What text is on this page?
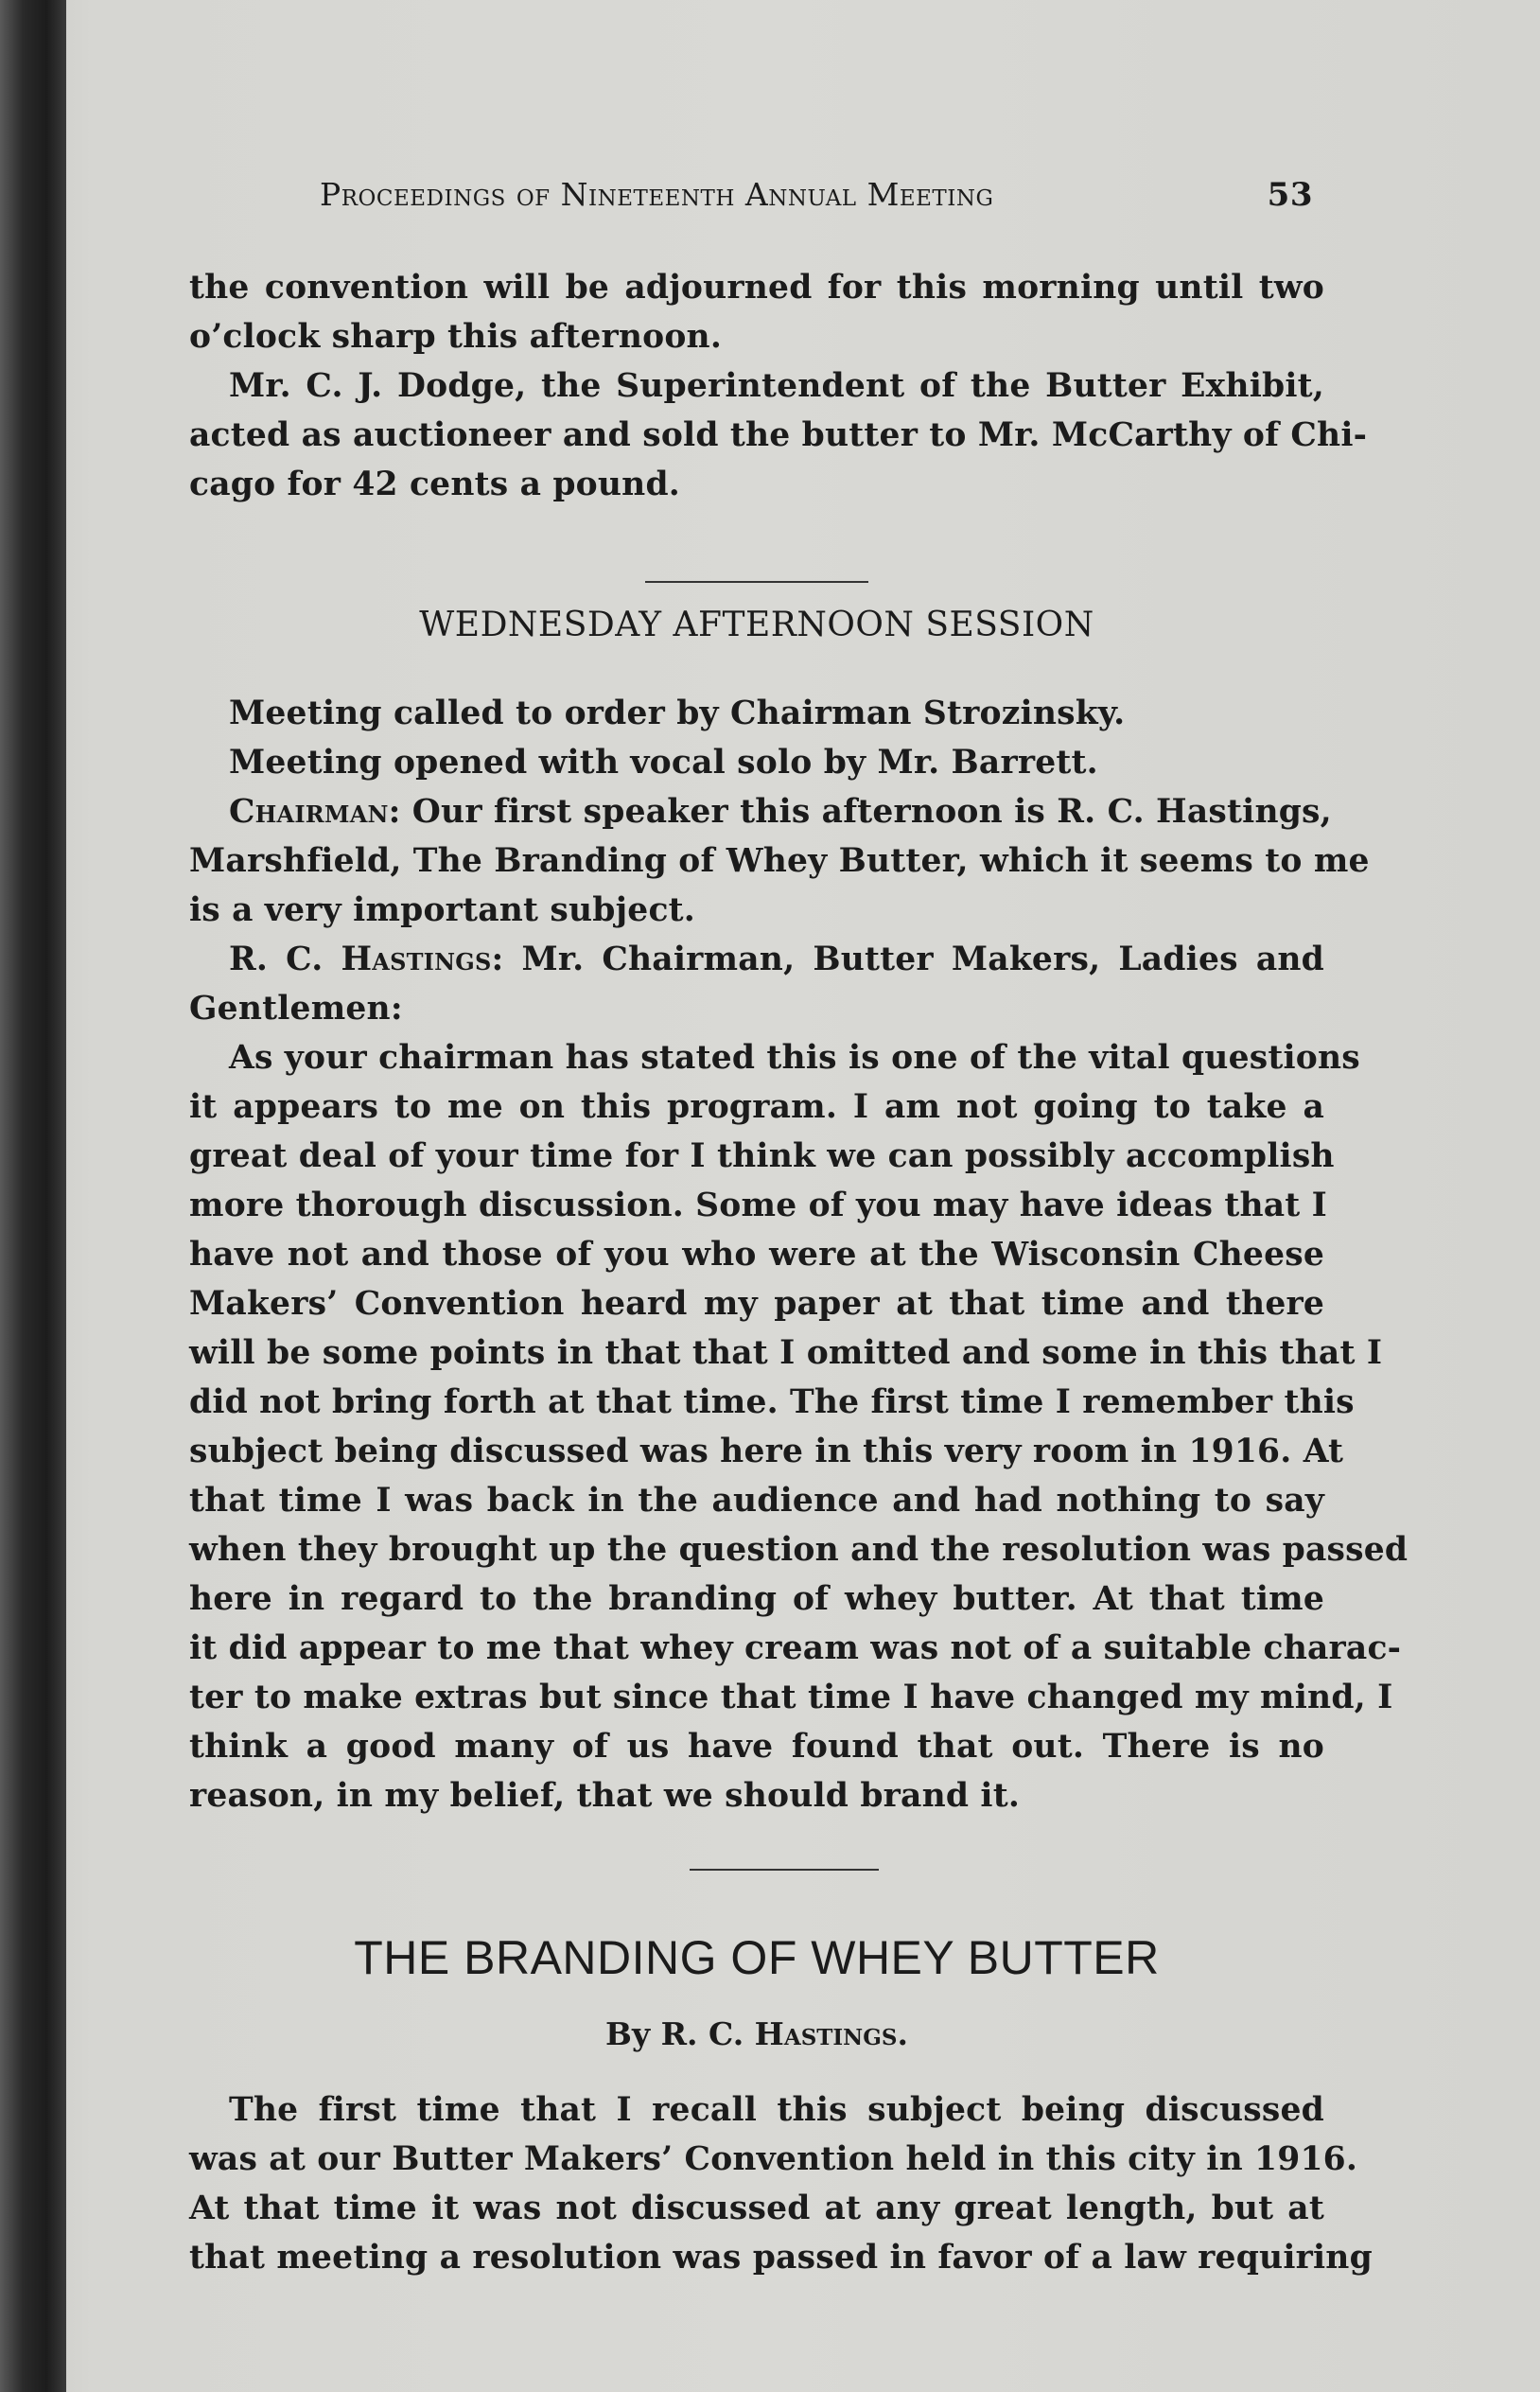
Proceedings of Nineteenth Annual Meeting	53
the convention will be adjourned for this morning until two
o’clock sharp this afternoon.
Mr. C. J. Dodge, the Superintendent of the Butter Exhibit,
acted as auctioneer and sold the butter to Mr. McCarthy of Chi-
cago for 42 cents a pound.
WEDNESDAY AFTERNOON SESSION
Meeting called to order by Chairman Strozinsky.
Meeting opened with vocal solo by Mr. Barrett.
Chairman: Our first speaker this afternoon is R. C. Hastings,
Marshfield, The Branding of Whey Butter, which it seems to me
is a very important subject.
R. C. Hastings: Mr. Chairman, Butter Makers, Ladies and
Gentlemen:
As your chairman has stated this is one of the vital questions
it appears to me on this program. I am not going to take a
great deal of your time for I think we can possibly accomplish
more thorough discussion. Some of you may have ideas that I
have not and those of you who were at the Wisconsin Cheese
Makers’ Convention heard my paper at that time and there
will be some points in that that I omitted and some in this that I
did not bring forth at that time. The first time I remember this
subject being discussed was here in this very room in 1916. At
that time I was back in the audience and had nothing to say
when they brought up the question and the resolution was passed
here in regard to the branding of whey butter. At that time
it did appear to me that whey cream was not of a suitable charac-
ter to make extras but since that time I have changed my mind, I
think a good many of us have found that out. There is no
reason, in my belief, that we should brand it.
THE BRANDING OF WHEY BUTTER
By R. C. Hastings.
The first time that I recall this subject being discussed
was at our Butter Makers’ Convention held in this city in 1916.
At that time it was not discussed at any great length, but at
that meeting a resolution was passed in favor of a law requiring
